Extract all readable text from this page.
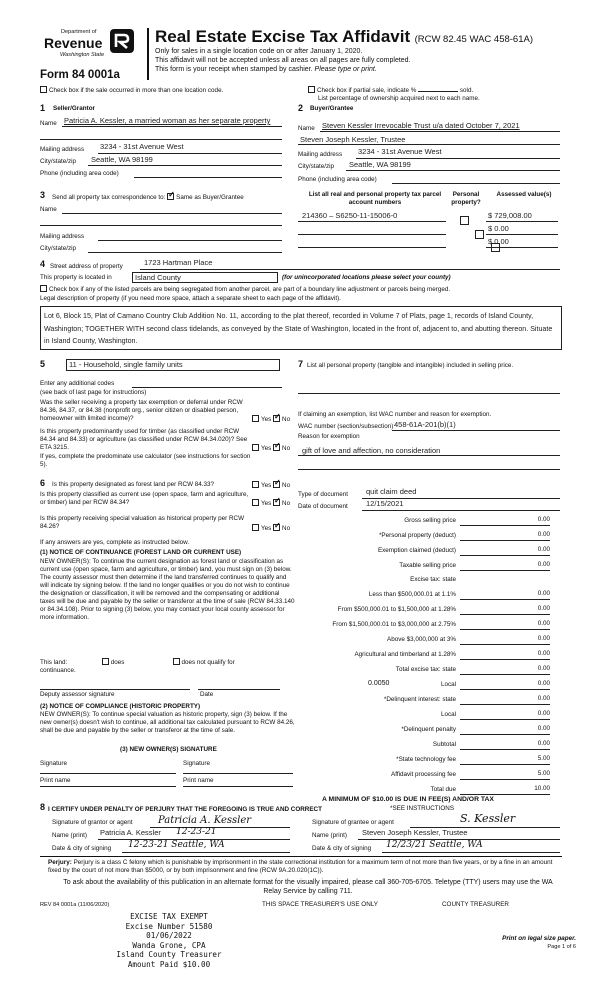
Department of
Revenue
Washington State
Form 84 0001a
Real Estate Excise Tax Affidavit (RCW 82.45 WAC 458-61A)
Only for sales in a single location code on or after January 1, 2020.
This affidavit will not be accepted unless all areas on all pages are fully completed.
This form is your receipt when stamped by cashier. Please type or print.
Check box if the sale occurred in more than one location code.	Check box if partial sale, indicate %	sold.
List percentage of ownership acquired next to each name.
1 Seller/Grantor
Name Patricia A. Kessler, a married woman as her separate property
Mailing address 3234 - 31st Avenue West
City/state/zip Seattle, WA 98199
Phone (including area code)
2 Buyer/Grantee
Name Steven Kessler Irrevocable Trust u/a dated October 7, 2021
Steven Joseph Kessler, Trustee
Mailing address 3234 - 31st Avenue West
City/state/zip Seattle, WA 98199
Phone (including area code)
3 Send all property tax correspondence to: ✓ Same as Buyer/Grantee
Name
Mailing address
City/state/zip
List all real and personal property tax parcel account numbers
Personal property?
Assessed value(s)
214360 – S6250-11-15006-0
	$ 729,008.00

$ 0.00
$ 0.00
4 Street address of property	1723 Hartman Place
This property is located in	Island County	(for unincorporated locations please select your county)
Check box if any of the listed parcels are being segregated from another parcel, are part of a boundary line adjustment or parcels being merged.
Legal description of property (if you need more space, attach a separate sheet to each page of the affidavit).
Lot 6, Block 15, Plat of Camano Country Club Addition No. 11, according to the plat thereof, recorded in Volume 7 of Plats, page 1, records of Island County, Washington; TOGETHER WITH second class tidelands, as conveyed by the State of Washington, located in the front of, adjacent to, and abutting thereon. Situate in Island County, Washington.
5	11 - Household, single family units
Enter any additional codes
(see back of last page for instructions)
Was the seller receiving a property tax exemption or deferral under RCW 84.36, 84.37, or 84.38 (nonprofit org., senior citizen or disabled person, homeowner with limited income)?	Yes ✓ No
Is this property predominantly used for timber (as classified under RCW 84.34 and 84.33) or agriculture (as classified under RCW 84.34.020)? See ETA 3215.	Yes ✓ No
If yes, complete the predominate use calculator (see instructions for section 5).
6 Is this property designated as forest land per RCW 84.33?	Yes ✓ No
Is this property classified as current use (open space, farm and agriculture, or timber) land per RCW 84.34?	Yes ✓ No
Is this property receiving special valuation as historical property per RCW 84.26?	Yes ✓ No
If any answers are yes, complete as instructed below.
(1) NOTICE OF CONTINUANCE (FOREST LAND OR CURRENT USE)
NEW OWNER(S): To continue the current designation as forest land or classification as current use (open space, farm and agriculture, or timber) land, you must sign on (3) below. The county assessor must then determine if the land transferred continues to qualify and will indicate by signing below. If the land no longer qualifies or you do not wish to continue the designation or classification, it will be removed and the compensating or additional taxes will be due and payable by the seller or transferor at the time of sale (RCW 84.33.140 or 84.34.108). Prior to signing (3) below, you may contact your local county assessor for more information.
This land:	does	does not qualify for
continuance.
Deputy assessor signature	Date
(2) NOTICE OF COMPLIANCE (HISTORIC PROPERTY)
NEW OWNER(S): To continue special valuation as historic property, sign (3) below. If the new owner(s) doesn't wish to continue, all additional tax calculated pursuant to RCW 84.26, shall be due and payable by the seller or transferor at the time of sale.
(3) NEW OWNER(S) SIGNATURE
Signature	Signature
Print name	Print name
7 List all personal property (tangible and intangible) included in selling price.
If claiming an exemption, list WAC number and reason for exemption.
WAC number (section/subsection) 458-61A-201(b)(1)
Reason for exemption
gift of love and affection, no consideration
Type of document quit claim deed
Date of document 12/15/2021
Gross selling price	0.00
*Personal property (deduct)	0.00
Exemption claimed (deduct)	0.00
Taxable selling price	0.00
Excise tax: state
Less than $500,000.01 at 1.1%	0.00
From $500,000.01 to $1,500,000 at 1.28%	0.00
From $1,500,000.01 to $3,000,000 at 2.75%	0.00
Above $3,000,000 at 3%	0.00
Agricultural and timberland at 1.28%	0.00
Total excise tax: state	0.00
0.0050	Local	0.00
*Delinquent interest: state	0.00
Local	0.00
*Delinquent penalty	0.00
Subtotal	0.00
*State technology fee	5.00
Affidavit processing fee	5.00
Total due	10.00
A MINIMUM OF $10.00 IS DUE IN FEE(S) AND/OR TAX
*SEE INSTRUCTIONS
8 I CERTIFY UNDER PENALTY OF PERJURY THAT THE FOREGOING IS TRUE AND CORRECT
Signature of grantor or agent	Patricia A. Kessler
Name (print) Patricia A. Kessler 12-23-21
Date & city of signing 12-23-21 Seattle, WA
Signature of grantee or agent	S. Kessler
Name (print) Steven Joseph Kessler, Trustee
Date & city of signing 12/23/21 Seattle, WA
Perjury: Perjury is a class C felony which is punishable by imprisonment in the state correctional institution for a maximum term of not more than five years, or by a fine in an amount fixed by the court of not more than $5000, or by both imprisonment and fine (RCW 9A.20.020(1C)).
To ask about the availability of this publication in an alternate format for the visually impaired, please call 360-705-6705. Teletype (TTY) users may use the WA Relay Service by calling 711.
REV 84 0001a (11/06/2020)	THIS SPACE TREASURER'S USE ONLY	COUNTY TREASURER
EXCISE TAX EXEMPT
Excise Number 51580
01/06/2022
Wanda Grone, CPA
Island County Treasurer
Amount Paid $10.00
Print on legal size paper.
Page 1 of 6
